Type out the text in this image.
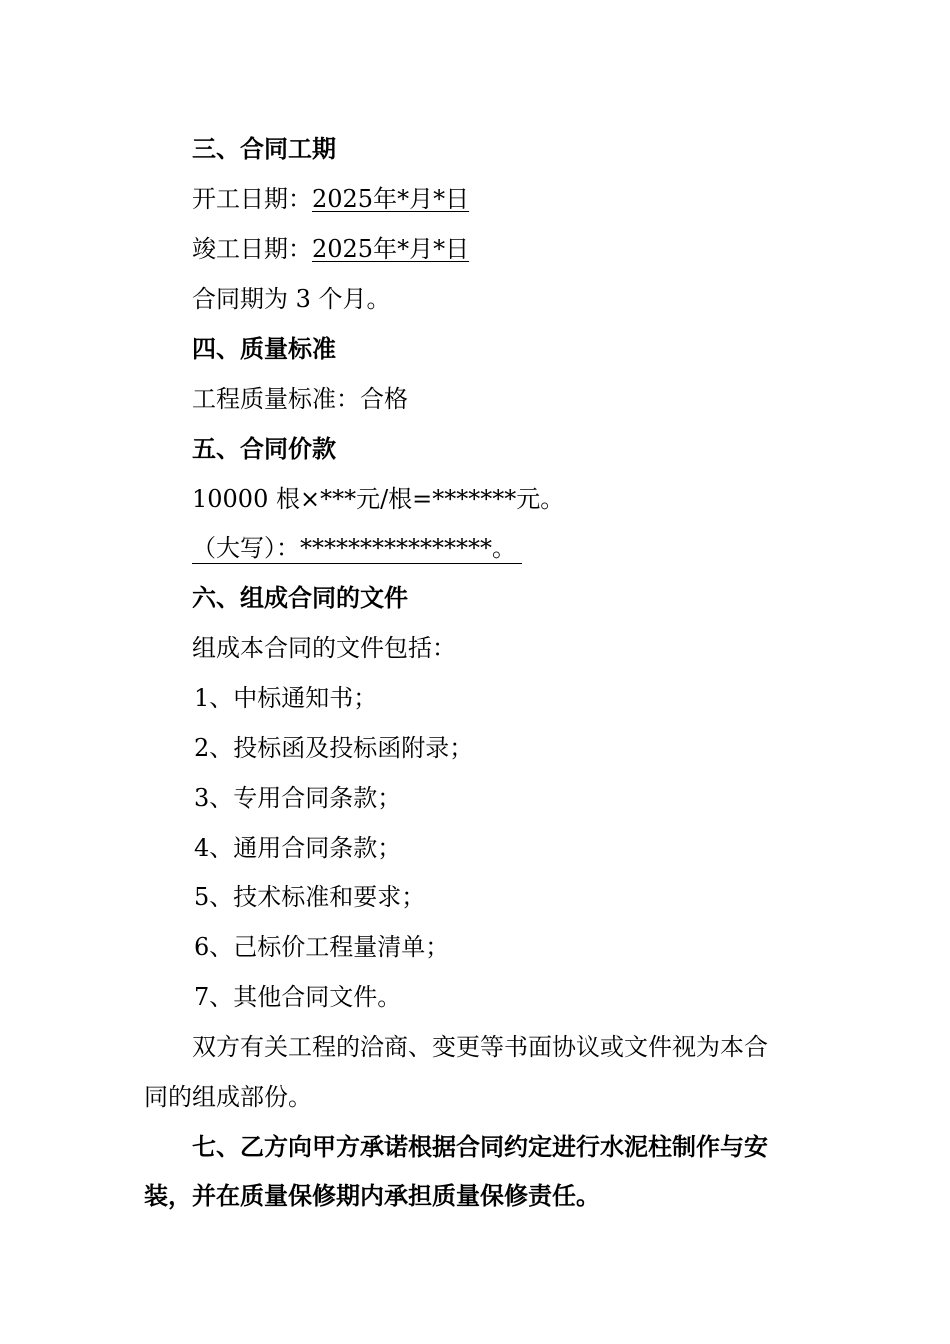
三、合同工期
开工日期：2025年*月*日
竣工日期：2025年*月*日
合同期为 3 个月。
四、质量标准
工程质量标准：合格
五、合同价款
10000 根×***元/根=*******元。
（大写）：****************。
六、组成合同的文件
组成本合同的文件包括：
1、中标通知书；
2、投标函及投标函附录；
3、专用合同条款；
4、通用合同条款；
5、技术标准和要求；
6、己标价工程量清单；
7、其他合同文件。
双方有关工程的洽商、变更等书面协议或文件视为本合
同的组成部份。
七、乙方向甲方承诺根据合同约定进行水泥柱制作与安
装，并在质量保修期内承担质量保修责任。
